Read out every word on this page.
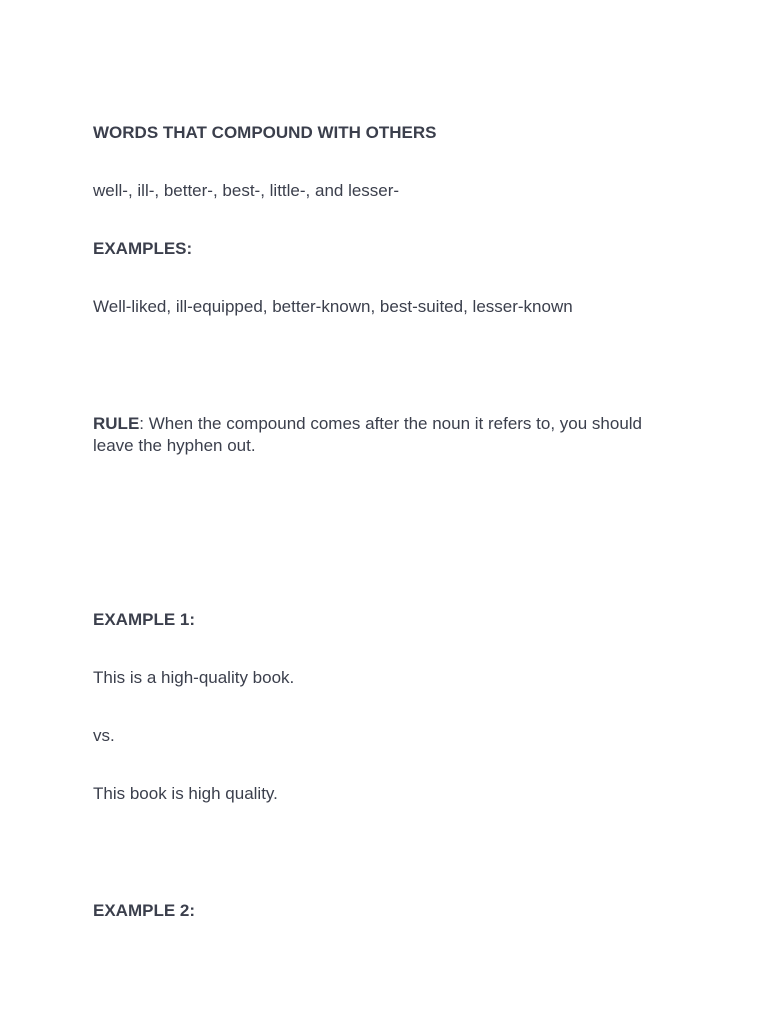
WORDS THAT COMPOUND WITH OTHERS

well-, ill-, better-, best-, little-, and lesser-

EXAMPLES:

Well-liked, ill-equipped, better-known, best-suited, lesser-known

RULE: When the compound comes after the noun it refers to, you should leave the hyphen out.

EXAMPLE 1:

This is a high-quality book.

vs.

This book is high quality.

EXAMPLE 2:
